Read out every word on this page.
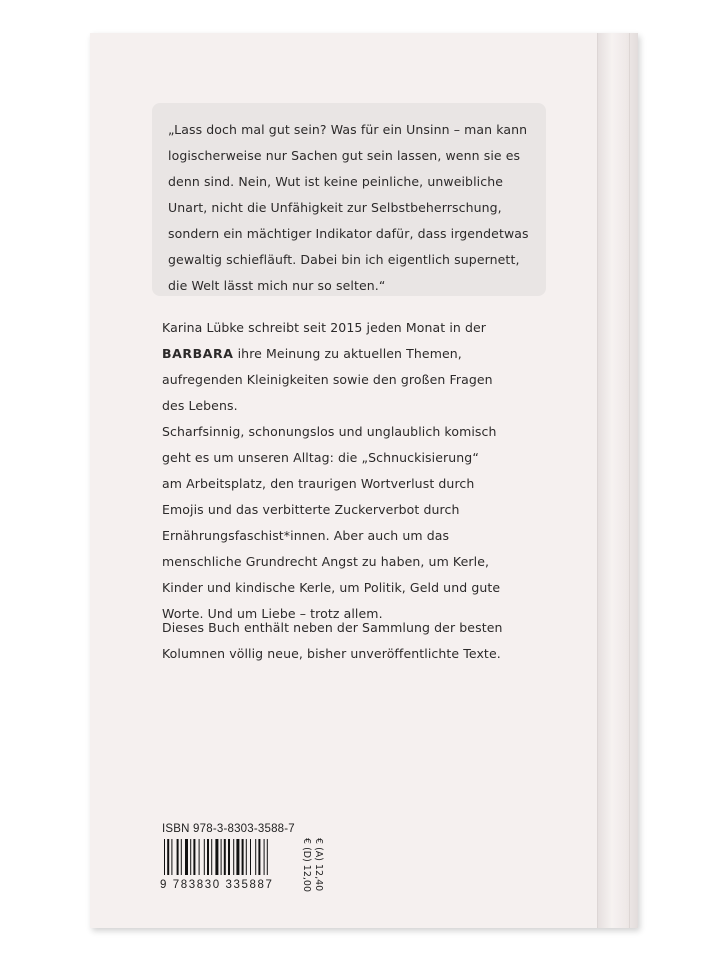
„Lass doch mal gut sein? Was für ein Unsinn – man kann
logischerweise nur Sachen gut sein lassen, wenn sie es
denn sind. Nein, Wut ist keine peinliche, unweibliche
Unart, nicht die Unfähigkeit zur Selbstbeherrschung,
sondern ein mächtiger Indikator dafür, dass irgendetwas
gewaltig schiefläuft. Dabei bin ich eigentlich supernett,
die Welt lässt mich nur so selten.“
Karina Lübke schreibt seit 2015 jeden Monat in der
BARBARA ihre Meinung zu aktuellen Themen,
aufregenden Kleinigkeiten sowie den großen Fragen
des Lebens.
Scharfsinnig, schonungslos und unglaublich komisch
geht es um unseren Alltag: die „Schnuckisierung“
am Arbeitsplatz, den traurigen Wortverlust durch
Emojis und das verbitterte Zuckerverbot durch
Ernährungsfaschist*innen. Aber auch um das
menschliche Grundrecht Angst zu haben, um Kerle,
Kinder und kindische Kerle, um Politik, Geld und gute
Worte. Und um Liebe – trotz allem.
Dieses Buch enthält neben der Sammlung der besten
Kolumnen völlig neue, bisher unveröffentlichte Texte.
ISBN 978-3-8303-3588-7
9 783830 335887	€ (D) 12,00 € (A) 12,40
